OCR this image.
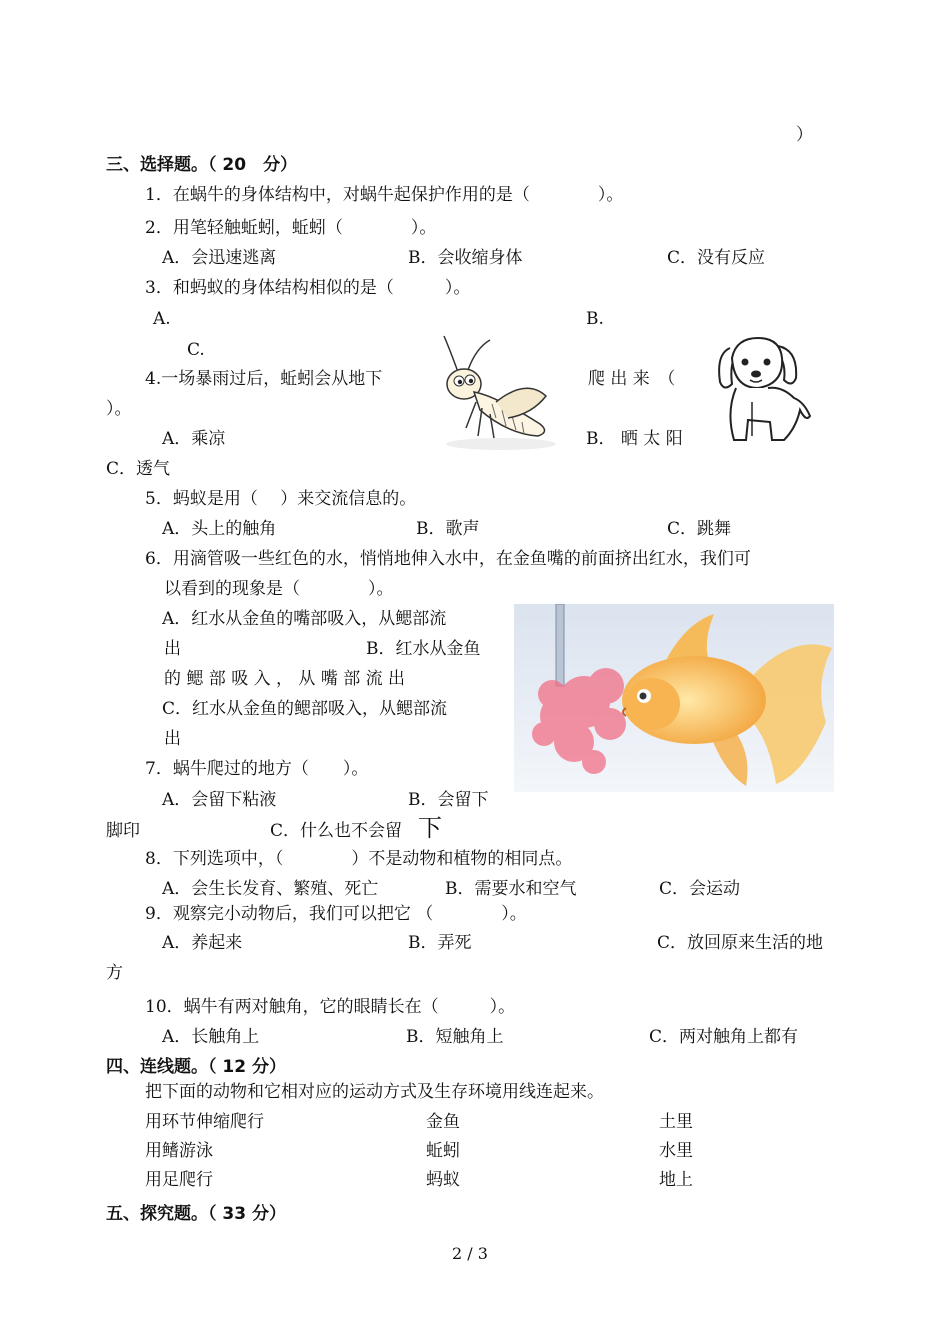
）
三、选择题。（ 20　分）
1．在蜗牛的身体结构中，对蜗牛起保护作用的是（　　　　）。
2．用笔轻触蚯蚓，蚯蚓（　　　　）。
A．会迅速逃离	B．会收缩身体	C．没有反应
3．和蚂蚁的身体结构相似的是（　　　）。
A.	B.
C.
4.一场暴雨过后，蚯蚓会从地下	爬 出 来　（
）。
A．乘凉	B． 晒 太 阳
C．透气
5．蚂蚁是用（　 ）来交流信息的。
A．头上的触角	B．歌声	C．跳舞
6．用滴管吸一些红色的水，悄悄地伸入水中，在金鱼嘴的前面挤出红水，我们可
以看到的现象是（　　　　）。
A．红水从金鱼的嘴部吸入，从鳃部流
出	B．红水从金鱼
的 鳃 部 吸 入 ， 从 嘴 部 流 出
C．红水从金鱼的鳃部吸入，从鳃部流
出
7．蜗牛爬过的地方（　　）。
A．会留下粘液	B．会留下
脚印	C．什么也不会留 下
8．下列选项中，（　　　　）不是动物和植物的相同点。
A．会生长发育、繁殖、死亡	B．需要水和空气	C．会运动
9．观察完小动物后，我们可以把它 （　　　　）。
A．养起来	B．弄死	C．放回原来生活的地
方
10．蜗牛有两对触角，它的眼睛长在（　　　）。
A．长触角上	B．短触角上	C．两对触角上都有
四、连线题。（ 12 分）
把下面的动物和它相对应的运动方式及生存环境用线连起来。
用环节伸缩爬行	金鱼	土里
用鳍游泳	蚯蚓	水里
用足爬行	蚂蚁	地上
五、探究题。（ 33 分）
2 / 3
